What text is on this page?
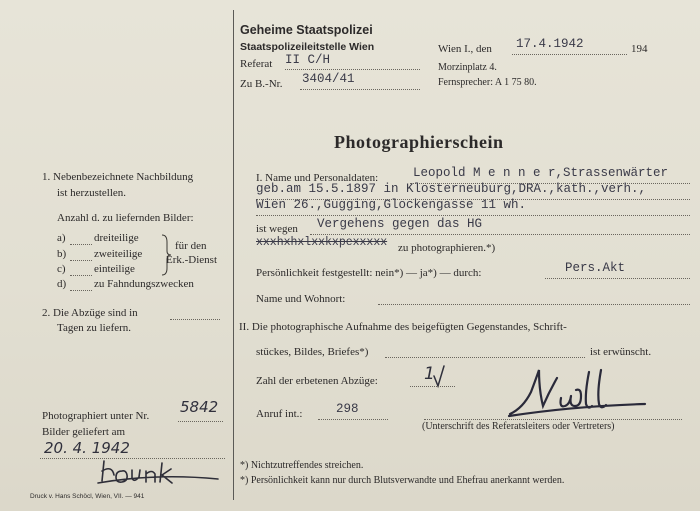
Geheime Staatspolizei
Staatspolizeileitstelle Wien
Referat II C/H
Zu B.-Nr. 3404/41
Wien I., den 17.4.1942	194
Morzinplatz 4.
Fernsprecher: A 1 75 80.
Photographierschein
1. Nebenbezeichnete Nachbildung
ist herzustellen.
Anzahl d. zu liefernden Bilder:
a)	dreiteilige
b)	zweiteilige
c)	einteilige
d)	zu Fahndungszwecken
für den
Erk.-Dienst
2. Die Abzüge sind in
Tagen zu liefern.
Photographiert unter Nr. 5842
Bilder geliefert am
20. 4. 1942
Druck v. Hans Schöcl, Wien, VII. — 941
I. Name und Personaldaten:	Leopold M e n n e r,Strassenwärter
geb.am 15.5.1897 in Klosterneuburg,DRA.,kath.,verh.,
Wien 26.,Gugging,Glockengasse 11 wh.
ist wegen Vergehens gegen das HG
xxxhxhxlxxkxpexxxxx zu photographieren.*)
Persönlichkeit festgestellt: nein*) — ja*) — durch:	Pers.Akt
Name und Wohnort:
II. Die photographische Aufnahme des beigefügten Gegenstandes, Schrift-
stückes, Bildes, Briefes*)	ist erwünscht.
Zahl der erbetenen Abzüge:	1
Anruf int.:	298
(Unterschrift des Referatsleiters oder Vertreters)
*) Nichtzutreffendes streichen.
*) Persönlichkeit kann nur durch Blutsverwandte und Ehefrau anerkannt werden.
